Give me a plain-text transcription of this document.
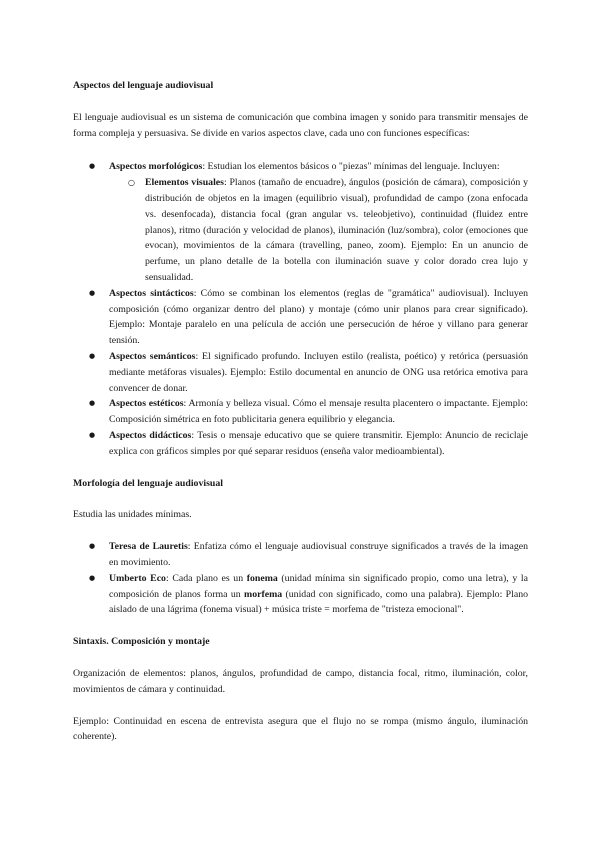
Aspectos del lenguaje audiovisual

El lenguaje audiovisual es un sistema de comunicación que combina imagen y sonido para transmitir mensajes de forma compleja y persuasiva. Se divide en varios aspectos clave, cada uno con funciones específicas:

● Aspectos morfológicos: Estudian los elementos básicos o "piezas" mínimas del lenguaje. Incluyen:
○ Elementos visuales: Planos (tamaño de encuadre), ángulos (posición de cámara), composición y distribución de objetos en la imagen (equilibrio visual), profundidad de campo (zona enfocada vs. desenfocada), distancia focal (gran angular vs. teleobjetivo), continuidad (fluidez entre planos), ritmo (duración y velocidad de planos), iluminación (luz/sombra), color (emociones que evocan), movimientos de la cámara (travelling, paneo, zoom). Ejemplo: En un anuncio de perfume, un plano detalle de la botella con iluminación suave y color dorado crea lujo y sensualidad.
● Aspectos sintácticos: Cómo se combinan los elementos (reglas de "gramática" audiovisual). Incluyen composición (cómo organizar dentro del plano) y montaje (cómo unir planos para crear significado). Ejemplo: Montaje paralelo en una película de acción une persecución de héroe y villano para generar tensión.
● Aspectos semánticos: El significado profundo. Incluyen estilo (realista, poético) y retórica (persuasión mediante metáforas visuales). Ejemplo: Estilo documental en anuncio de ONG usa retórica emotiva para convencer de donar.
● Aspectos estéticos: Armonía y belleza visual. Cómo el mensaje resulta placentero o impactante. Ejemplo: Composición simétrica en foto publicitaria genera equilibrio y elegancia.
● Aspectos didácticos: Tesis o mensaje educativo que se quiere transmitir. Ejemplo: Anuncio de reciclaje explica con gráficos simples por qué separar residuos (enseña valor medioambiental).
Morfología del lenguaje audiovisual

Estudia las unidades mínimas.

● Teresa de Lauretis: Enfatiza cómo el lenguaje audiovisual construye significados a través de la imagen en movimiento.
● Umberto Eco: Cada plano es un fonema (unidad mínima sin significado propio, como una letra), y la composición de planos forma un morfema (unidad con significado, como una palabra). Ejemplo: Plano aislado de una lágrima (fonema visual) + música triste = morfema de "tristeza emocional".
Sintaxis. Composición y montaje

Organización de elementos: planos, ángulos, profundidad de campo, distancia focal, ritmo, iluminación, color, movimientos de cámara y continuidad.

Ejemplo: Continuidad en escena de entrevista asegura que el flujo no se rompa (mismo ángulo, iluminación coherente).
